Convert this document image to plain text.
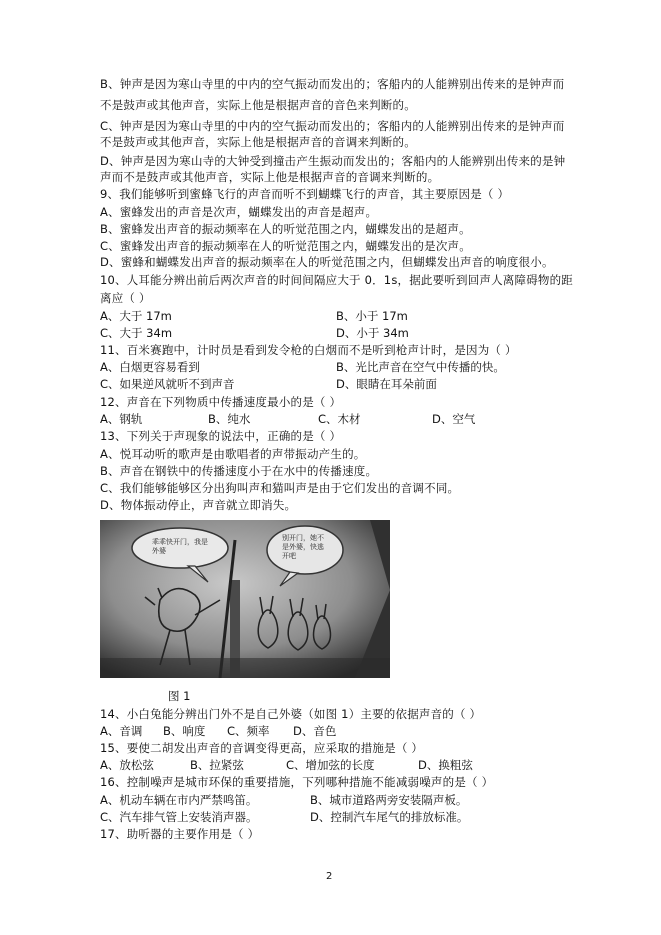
B、钟声是因为寒山寺里的中内的空气振动而发出的；客船内的人能辨别出传来的是钟声而
不是鼓声或其他声音，实际上他是根据声音的音色来判断的。
C、钟声是因为寒山寺里的中内的空气振动而发出的；客船内的人能辨别出传来的是钟声而
不是鼓声或其他声音，实际上他是根据声音的音调来判断的。
D、钟声是因为寒山寺的大钟受到撞击产生振动而发出的；客船内的人能辨别出传来的是钟
声而不是鼓声或其他声音，实际上他是根据声音的音调来判断的。
9、我们能够听到蜜蜂飞行的声音而听不到蝴蝶飞行的声音，其主要原因是（ ）
A、蜜蜂发出的声音是次声，蝴蝶发出的声音是超声。
B、蜜蜂发出声音的振动频率在人的听觉范围之内，蝴蝶发出的是超声。
C、蜜蜂发出声音的振动频率在人的听觉范围之内，蝴蝶发出的是次声。
D、蜜蜂和蝴蝶发出声音的振动频率在人的听觉范围之内，但蝴蝶发出声音的响度很小。
10、人耳能分辨出前后两次声音的时间间隔应大于 0．1s，据此要听到回声人离障碍物的距
离应（ ）
A、大于 17m	B、小于 17m
C、大于 34m	D、小于 34m
11、百米赛跑中，计时员是看到发令枪的白烟而不是听到枪声计时，是因为（ ）
A、白烟更容易看到	B、光比声音在空气中传播的快。
C、如果逆风就听不到声音	D、眼睛在耳朵前面
12、声音在下列物质中传播速度最小的是（ ）
A、钢轨	B、纯水	C、木材	D、空气
13、下列关于声现象的说法中，正确的是（ ）
A、悦耳动听的歌声是由歌唱者的声带振动产生的。
B、声音在钢铁中的传播速度小于在水中的传播速度。
C、我们能够能够区分出狗叫声和猫叫声是由于它们发出的音调不同。
D、物体振动停止，声音就立即消失。
乖乖快开门，我是外婆
别开门，她不是外婆，快逃开吧
图 1
14、小白兔能分辨出门外不是自己外婆（如图 1）主要的依据声音的（ ）
A、音调 B、响度 C、频率 D、音色
15、要使二胡发出声音的音调变得更高，应采取的措施是（ ）
A、放松弦	B、拉紧弦	C、增加弦的长度	D、换粗弦
16、控制噪声是城市环保的重要措施，下列哪种措施不能减弱噪声的是（ ）
A、机动车辆在市内严禁鸣笛。	B、城市道路两旁安装隔声板。
C、汽车排气管上安装消声器。	D、控制汽车尾气的排放标准。
17、助听器的主要作用是（ ）
2
